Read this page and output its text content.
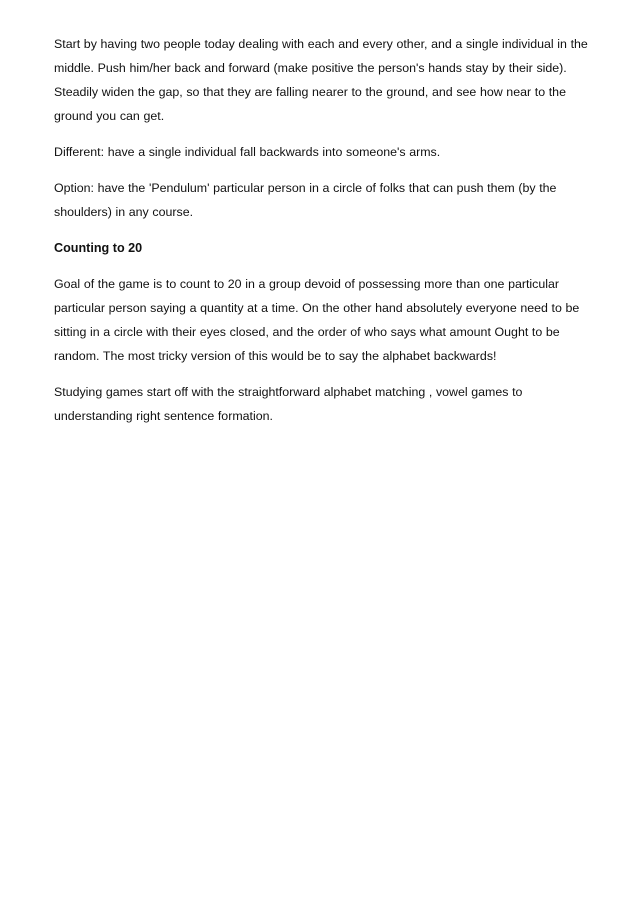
Start by having two people today dealing with each and every other, and a single individual in the middle. Push him/her back and forward (make positive the person's hands stay by their side). Steadily widen the gap, so that they are falling nearer to the ground, and see how near to the ground you can get.

Different: have a single individual fall backwards into someone's arms.

Option: have the 'Pendulum' particular person in a circle of folks that can push them (by the shoulders) in any course.

Counting to 20

Goal of the game is to count to 20 in a group devoid of possessing more than one particular particular person saying a quantity at a time. On the other hand absolutely everyone need to be sitting in a circle with their eyes closed, and the order of who says what amount Ought to be random. The most tricky version of this would be to say the alphabet backwards!

Studying games start off with the straightforward alphabet matching , vowel games to understanding right sentence formation.
